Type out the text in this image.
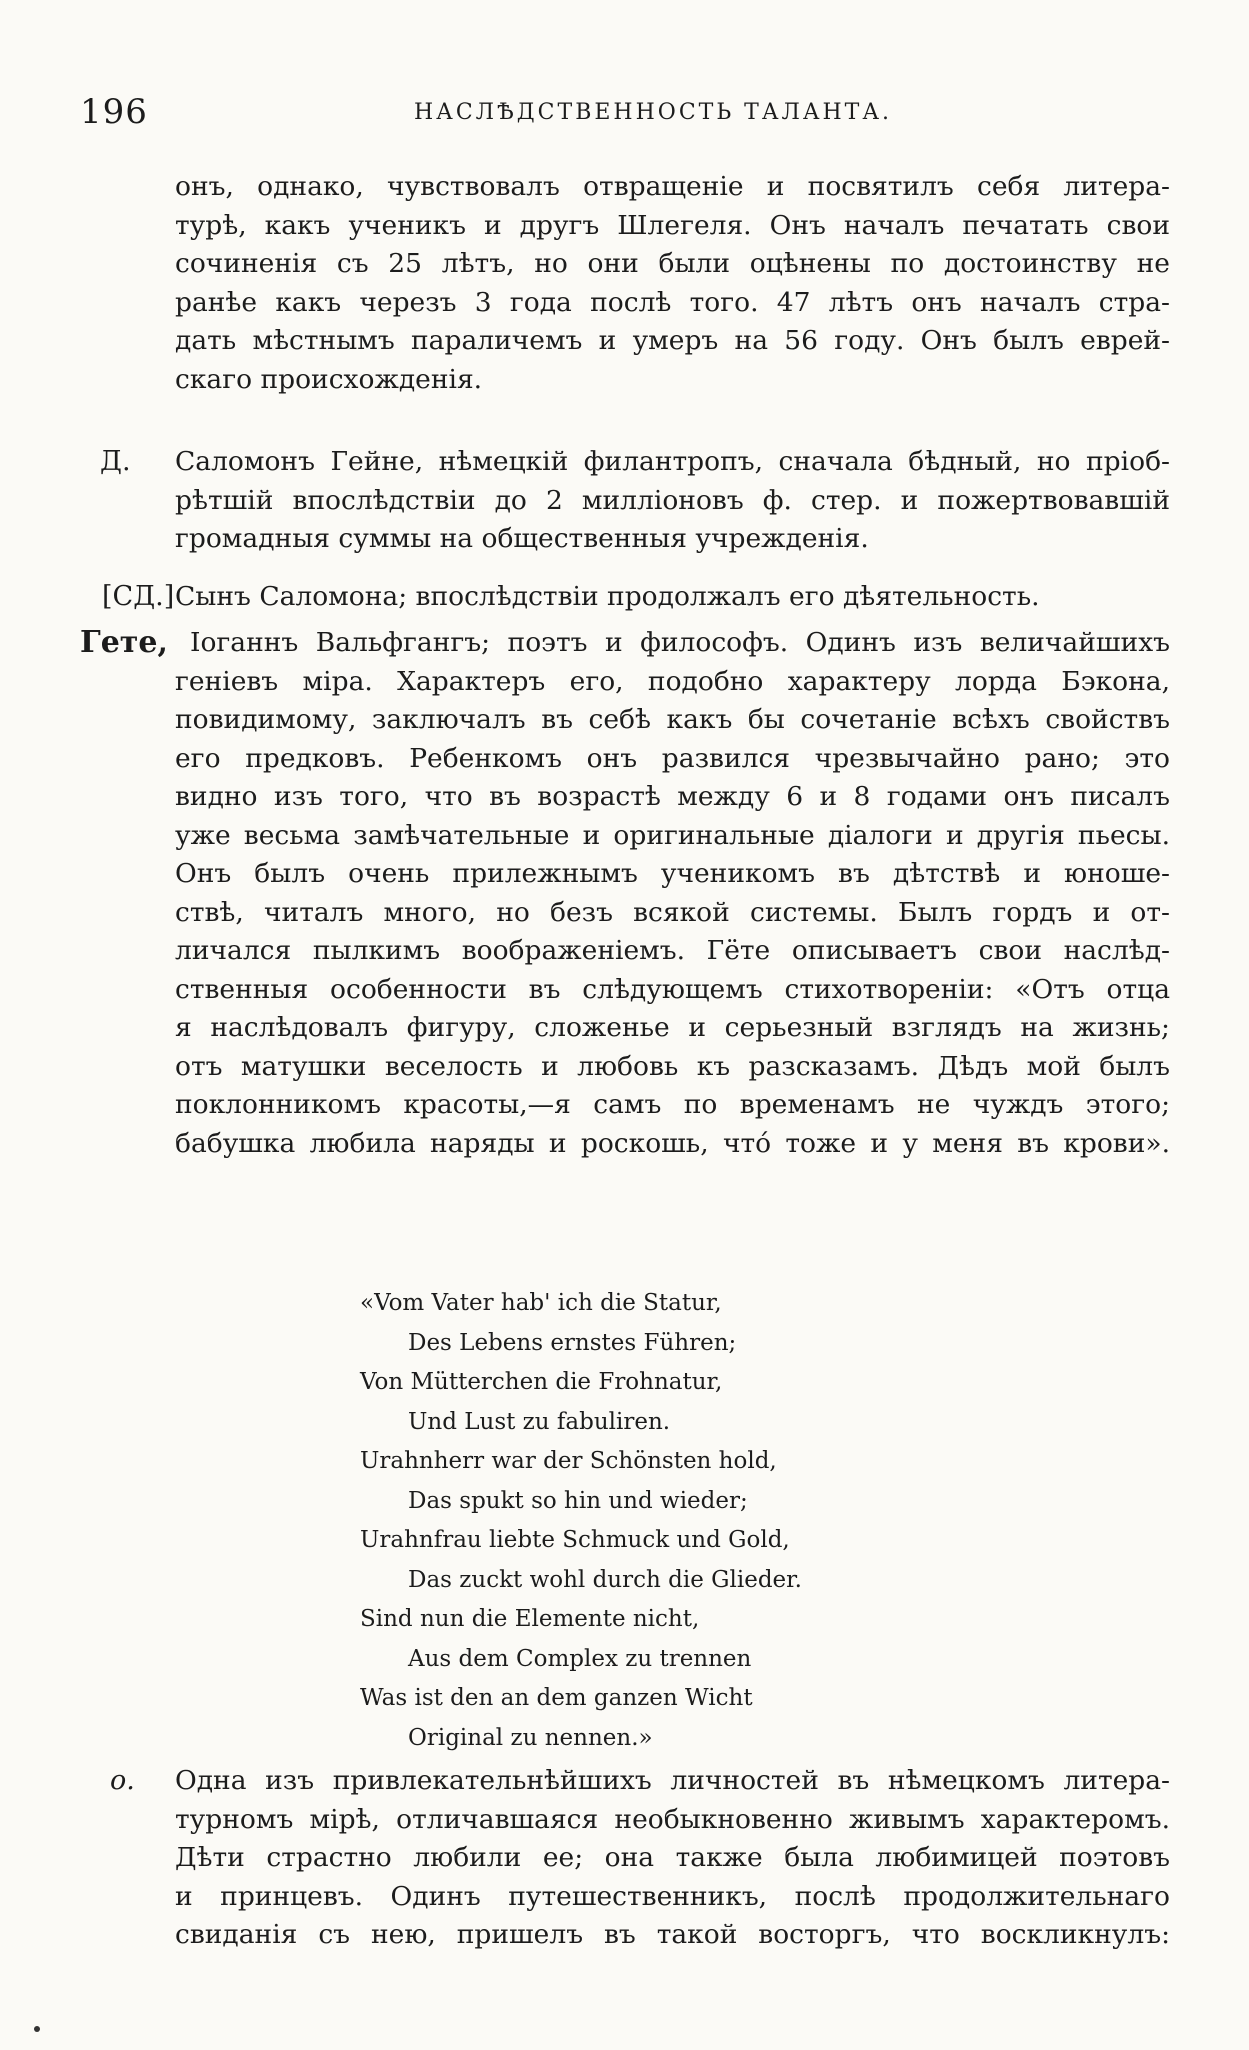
196	НАСЛѢДСТВЕННОСТЬ ТАЛАНТА.
онъ, однако, чувствовалъ отвращенiе и посвятилъ себя литера-
турѣ, какъ ученикъ и другъ Шлегеля. Онъ началъ печатать свои
сочиненiя съ 25 лѣтъ, но они были оцѣнены по достоинству не
ранѣе какъ черезъ 3 года послѣ того. 47 лѣтъ онъ началъ стра-
дать мѣстнымъ параличемъ и умеръ на 56 году. Онъ былъ еврей-
скаго происхожденiя.
Д. Саломонъ Гейне, нѣмецкiй филантропъ, сначала бѣдный, но прiоб-
рѣтшiй впослѣдствiи до 2 миллiоновъ ф. стер. и пожертвовавшiй
громадныя суммы на общественныя учрежденiя.
[СД.] Сынъ Саломона; впослѣдствiи продолжалъ его дѣятельность.
Гете, Iоганнъ Вальфгангъ; поэтъ и философъ. Одинъ изъ величайшихъ
генiевъ мiра. Характеръ его, подобно характеру лорда Бэкона,
повидимому, заключалъ въ себѣ какъ бы сочетанiе всѣхъ свойствъ
его предковъ. Ребенкомъ онъ развился чрезвычайно рано; это
видно изъ того, что въ возрастѣ между 6 и 8 годами онъ писалъ
уже весьма замѣчательные и оригинальные дiалоги и другiя пьесы.
Онъ былъ очень прилежнымъ ученикомъ въ дѣтствѣ и юноше-
ствѣ, читалъ много, но безъ всякой системы. Былъ гордъ и от-
личался пылкимъ воображенiемъ. Гёте описываетъ свои наслѣд-
ственныя особенности въ слѣдующемъ стихотворенiи: «Отъ отца
я наслѣдовалъ фигуру, сложенье и серьезный взглядъ на жизнь;
отъ матушки веселость и любовь къ разсказамъ. Дѣдъ мой былъ
поклонникомъ красоты,—я самъ по временамъ не чуждъ этого;
бабушка любила наряды и роскошь, что́ тоже и у меня въ крови».
«Vom Vater hab' ich die Statur,
Des Lebens ernstes Führen;
Von Mütterchen die Frohnatur,
Und Lust zu fabuliren.
Urahnherr war der Schönsten hold,
Das spukt so hin und wieder;
Urahnfrau liebte Schmuck und Gold,
Das zuckt wohl durch die Glieder.
Sind nun die Elemente nicht,
Aus dem Complex zu trennen
Was ist den an dem ganzen Wicht
Original zu nennen.»
о. Одна изъ привлекательнѣйшихъ личностей въ нѣмецкомъ литера-
турномъ мiрѣ, отличавшаяся необыкновенно живымъ характеромъ.
Дѣти страстно любили ее; она также была любимицей поэтовъ
и принцевъ. Одинъ путешественникъ, послѣ продолжительнаго
свиданiя съ нею, пришелъ въ такой восторгъ, что воскликнулъ:
